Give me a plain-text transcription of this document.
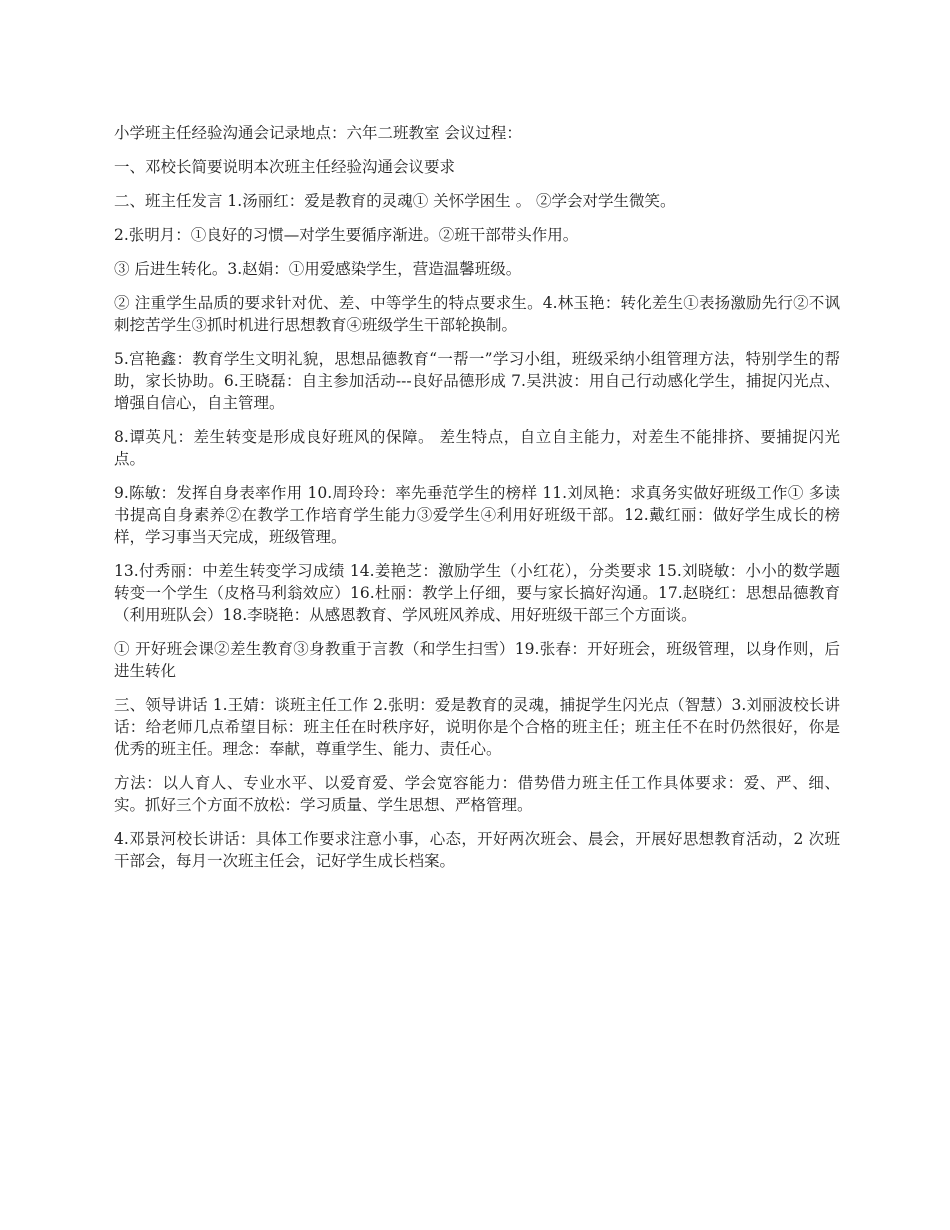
小学班主任经验沟通会记录地点：六年二班教室 会议过程：

一、邓校长简要说明本次班主任经验沟通会议要求

二、班主任发言 1.汤丽红：爱是教育的灵魂① 关怀学困生 。 ②学会对学生微笑。

2.张明月：①良好的习惯—对学生要循序渐进。②班干部带头作用。

③ 后进生转化。3.赵娟：①用爱感染学生，营造温馨班级。

② 注重学生品质的要求针对优、差、中等学生的特点要求生。4.林玉艳：转化差生①表扬激励先行②不讽刺挖苦学生③抓时机进行思想教育④班级学生干部轮换制。

5.宫艳鑫：教育学生文明礼貌，思想品德教育“一帮一”学习小组，班级采纳小组管理方法，特别学生的帮助，家长协助。6.王晓磊：自主参加活动---良好品德形成 7.吴洪波：用自己行动感化学生，捕捉闪光点、增强自信心，自主管理。

8.谭英凡：差生转变是形成良好班风的保障。 差生特点，自立自主能力，对差生不能排挤、要捕捉闪光点。

9.陈敏：发挥自身表率作用 10.周玲玲：率先垂范学生的榜样 11.刘凤艳：求真务实做好班级工作① 多读书提高自身素养②在教学工作培育学生能力③爱学生④利用好班级干部。12.戴红丽：做好学生成长的榜样，学习事当天完成，班级管理。

13.付秀丽：中差生转变学习成绩 14.姜艳芝：激励学生（小红花），分类要求 15.刘晓敏：小小的数学题转变一个学生（皮格马利翁效应）16.杜丽：教学上仔细，要与家长搞好沟通。17.赵晓红：思想品德教育（利用班队会）18.李晓艳：从感恩教育、学风班风养成、用好班级干部三个方面谈。

① 开好班会课②差生教育③身教重于言教（和学生扫雪）19.张春：开好班会，班级管理，以身作则，后进生转化

三、领导讲话 1.王婧：谈班主任工作 2.张明：爱是教育的灵魂，捕捉学生闪光点（智慧）3.刘丽波校长讲话：给老师几点希望目标：班主任在时秩序好，说明你是个合格的班主任；班主任不在时仍然很好，你是优秀的班主任。理念：奉献，尊重学生、能力、责任心。

方法：以人育人、专业水平、以爱育爱、学会宽容能力：借势借力班主任工作具体要求：爱、严、细、实。抓好三个方面不放松：学习质量、学生思想、严格管理。

4.邓景河校长讲话：具体工作要求注意小事，心态，开好两次班会、晨会，开展好思想教育活动，2 次班干部会，每月一次班主任会，记好学生成长档案。
